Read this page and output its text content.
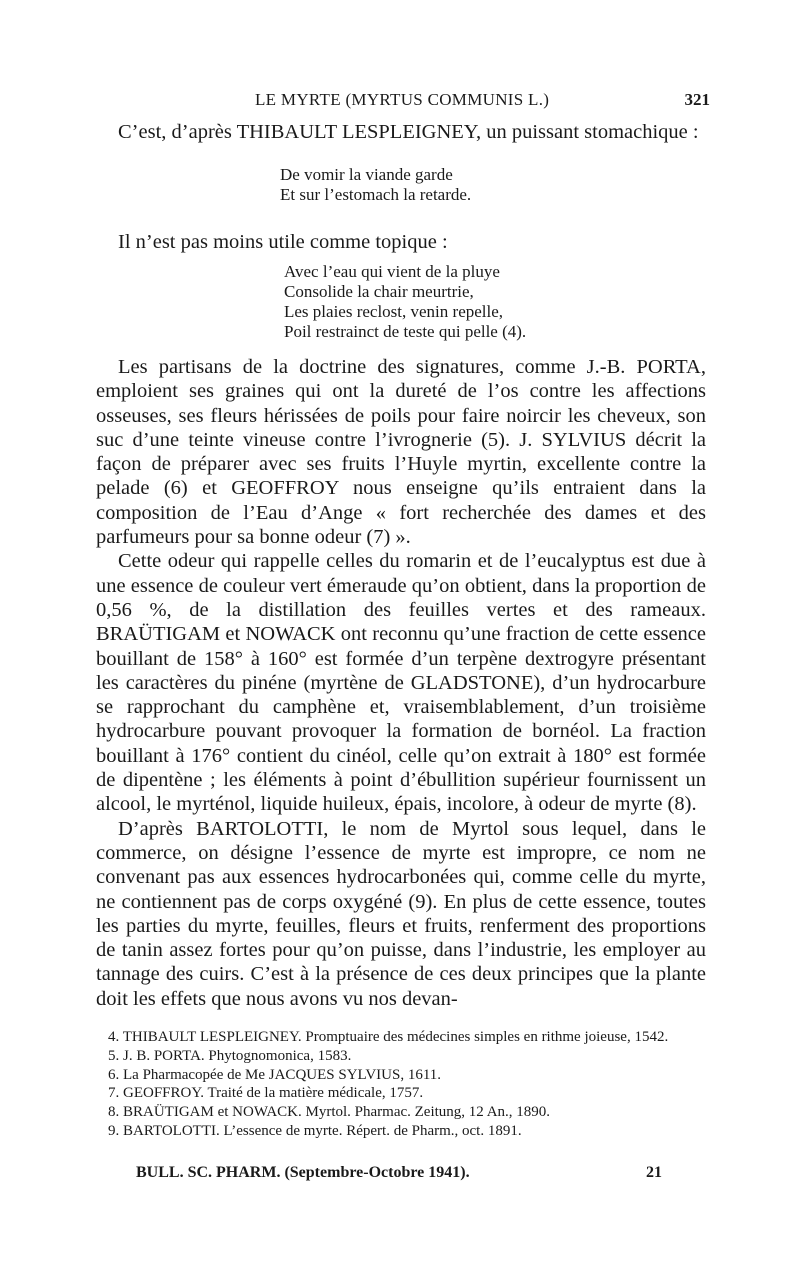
LE MYRTE (MYRTUS COMMUNIS L.)	321

C’est, d’après THIBAULT LESPLEIGNEY, un puissant stomachique :

De vomir la viande garde

Et sur l’estomach la retarde.

Il n’est pas moins utile comme topique :

Avec l’eau qui vient de la pluye

Consolide la chair meurtrie,

Les plaies reclost, venin repelle,

Poil restrainct de teste qui pelle (4).

Les partisans de la doctrine des signatures, comme J.-B. PORTA, emploient ses graines qui ont la dureté de l’os contre les affections osseuses, ses fleurs hérissées de poils pour faire noircir les cheveux, son suc d’une teinte vineuse contre l’ivrognerie (5). J. SYLVIUS décrit la façon de préparer avec ses fruits l’Huyle myrtin, excellente contre la pelade (6) et GEOFFROY nous enseigne qu’ils entraient dans la composition de l’Eau d’Ange « fort recherchée des dames et des parfumeurs pour sa bonne odeur (7) ».

Cette odeur qui rappelle celles du romarin et de l’eucalyptus est due à une essence de couleur vert émeraude qu’on obtient, dans la proportion de 0,56 %, de la distillation des feuilles vertes et des rameaux. BRAÜTIGAM et NOWACK ont reconnu qu’une fraction de cette essence bouillant de 158° à 160° est formée d’un terpène dextrogyre présentant les caractères du pinéne (myrtène de GLADSTONE), d’un hydrocarbure se rapprochant du camphène et, vraisemblablement, d’un troisième hydrocarbure pouvant provoquer la formation de bornéol. La fraction bouillant à 176° contient du cinéol, celle qu’on extrait à 180° est formée de dipentène ; les éléments à point d’ébullition supérieur fournissent un alcool, le myrténol, liquide huileux, épais, incolore, à odeur de myrte (8).

D’après BARTOLOTTI, le nom de Myrtol sous lequel, dans le commerce, on désigne l’essence de myrte est impropre, ce nom ne convenant pas aux essences hydrocarbonées qui, comme celle du myrte, ne contiennent pas de corps oxygéné (9). En plus de cette essence, toutes les parties du myrte, feuilles, fleurs et fruits, renferment des proportions de tanin assez fortes pour qu’on puisse, dans l’industrie, les employer au tannage des cuirs. C’est à la présence de ces deux principes que la plante doit les effets que nous avons vu nos devan-

4. THIBAULT LESPLEIGNEY. Promptuaire des médecines simples en rithme joieuse, 1542.

5. J. B. PORTA. Phytognomonica, 1583.

6. La Pharmacopée de Me JACQUES SYLVIUS, 1611.

7. GEOFFROY. Traité de la matière médicale, 1757.

8. BRAÜTIGAM et NOWACK. Myrtol. Pharmac. Zeitung, 12 An., 1890.

9. BARTOLOTTI. L’essence de myrte. Répert. de Pharm., oct. 1891.

BULL. SC. PHARM. (Septembre-Octobre 1941).	21
